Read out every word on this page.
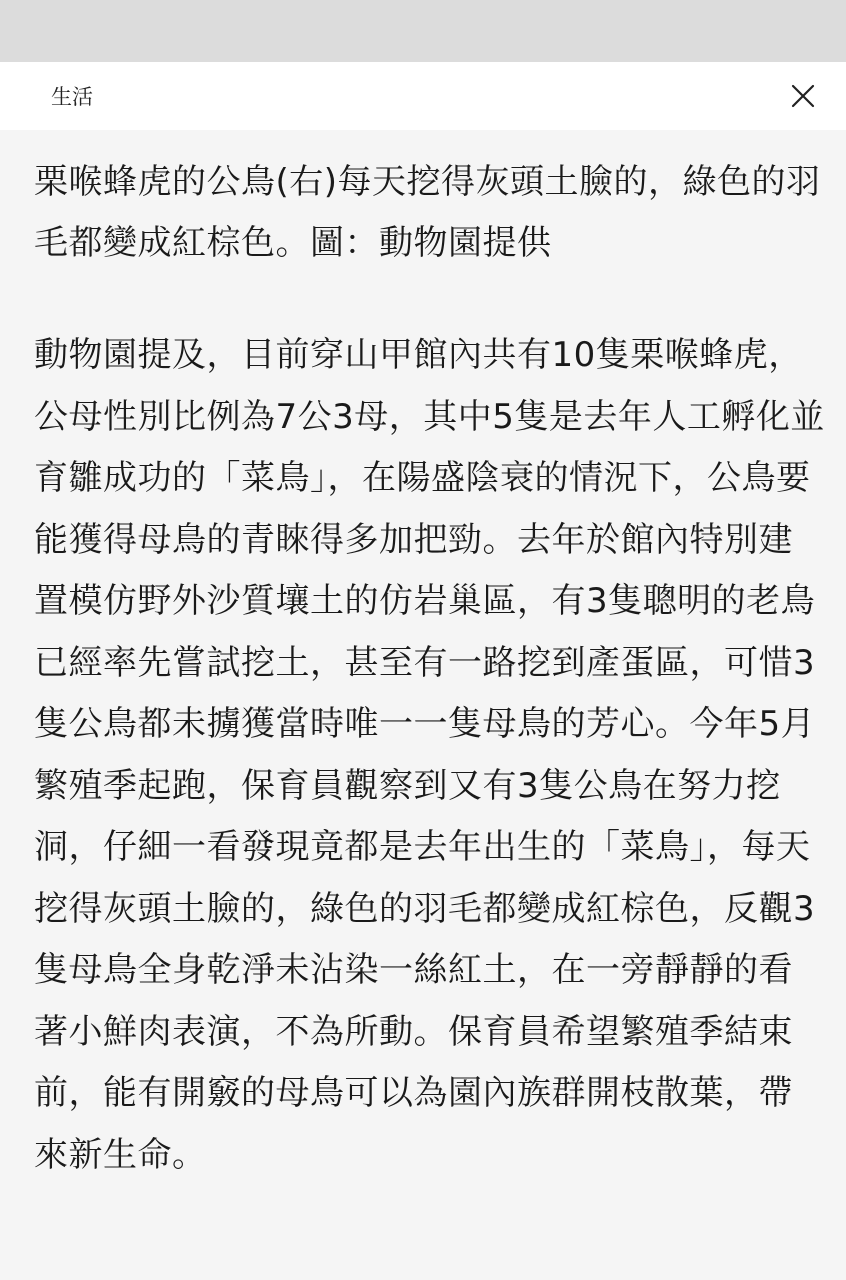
生活

栗喉蜂虎的公鳥(右)每天挖得灰頭土臉的，綠色的羽毛都變成紅棕色。圖：動物園提供

動物園提及，目前穿山甲館內共有10隻栗喉蜂虎，公母性別比例為7公3母，其中5隻是去年人工孵化並育雛成功的「菜鳥」，在陽盛陰衰的情況下，公鳥要能獲得母鳥的青睞得多加把勁。去年於館內特別建置模仿野外沙質壤土的仿岩巢區，有3隻聰明的老鳥已經率先嘗試挖土，甚至有一路挖到產蛋區，可惜3隻公鳥都未擄獲當時唯一一隻母鳥的芳心。今年5月繁殖季起跑，保育員觀察到又有3隻公鳥在努力挖洞，仔細一看發現竟都是去年出生的「菜鳥」，每天挖得灰頭土臉的，綠色的羽毛都變成紅棕色，反觀3隻母鳥全身乾淨未沾染一絲紅土，在一旁靜靜的看著小鮮肉表演，不為所動。保育員希望繁殖季結束前，能有開竅的母鳥可以為園內族群開枝散葉，帶來新生命。
